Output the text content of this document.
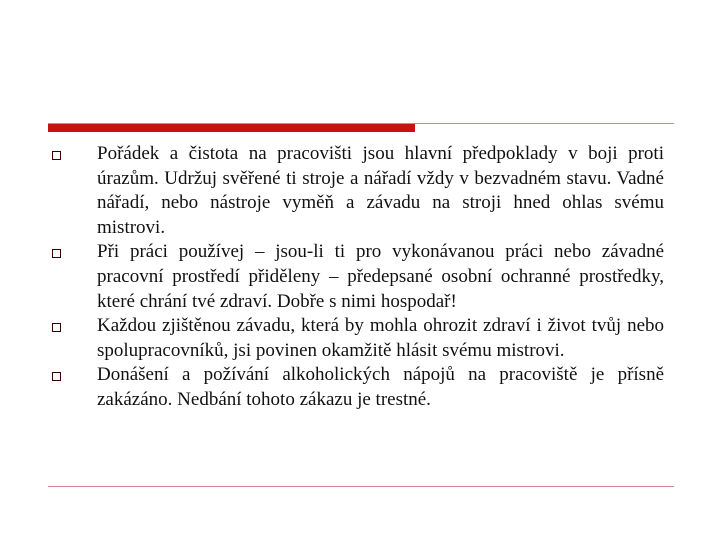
Pořádek a čistota na pracovišti jsou hlavní předpoklady v boji proti úrazům. Udržuj svěřené ti stroje a nářadí vždy v bezvadném stavu. Vadné nářadí, nebo nástroje vyměň a závadu na stroji hned ohlas svému mistrovi.
Při práci používej – jsou-li ti pro vykonávanou práci nebo závadné pracovní prostředí přiděleny – předepsané osobní ochranné prostředky, které chrání tvé zdraví. Dobře s nimi hospodař!
Každou zjištěnou závadu, která by mohla ohrozit zdraví i život tvůj nebo spolupracovníků, jsi povinen okamžitě hlásit svému mistrovi.
Donášení a požívání alkoholických nápojů na pracoviště je přísně zakázáno. Nedbání tohoto zákazu je trestné.
